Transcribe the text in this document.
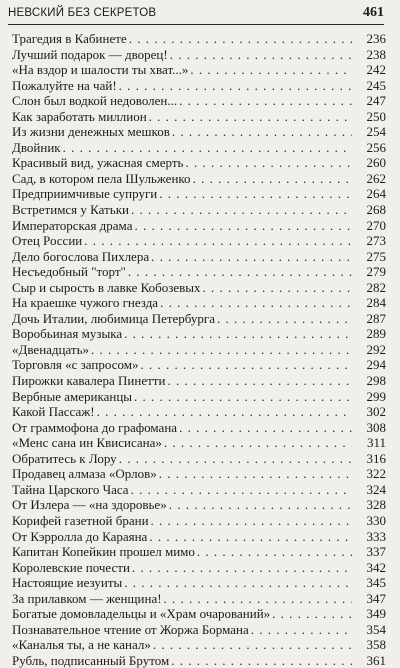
НЕВСКИЙ БЕЗ СЕКРЕТОВ	461
Трагедия в Кабинете . . .	236
Лучший подарок — дворец! . . .	238
«На вздор и шалости ты хват...» . . .	242
Пожалуйте на чай! . . .	245
Слон был водкой недоволен... . . .	247
Как заработать миллион . . .	250
Из жизни денежных мешков . . .	254
Двойник . . .	256
Красивый вид, ужасная смерть . . .	260
Сад, в котором пела Шульженко . . .	262
Предприимчивые супруги . . .	264
Встретимся у Катьки . . .	268
Императорская драма . . .	270
Отец России . . .	273
Дело богослова Пихлера . . .	275
Несъедобный "торт" . . .	279
Сыр и сырость в лавке Кобозевых . . .	282
На краешке чужого гнезда . . .	284
Дочь Италии, любимица Петербурга . . .	287
Воробьиная музыка . . .	289
«Двенадцать» . . .	292
Торговля «с запросом» . . .	294
Пирожки кавалера Пинетти . . .	298
Вербные американцы . . .	299
Какой Пассаж! . . .	302
От граммофона до графомана . . .	308
«Менс сана ин Квисисана» . . .	311
Обратитесь к Лору . . .	316
Продавец алмаза «Орлов» . . .	322
Тайна Царского Часа . . .	324
От Излера — «на здоровье» . . .	328
Корифей газетной брани . . .	330
От Кэрролла до Караяна . . .	333
Капитан Копейкин прошел мимо . . .	337
Королевские почести . . .	342
Настоящие иезуиты . . .	345
За прилавком — женщина! . . .	347
Богатые домовладельцы и «Храм очарований» . . .	349
Познавательное чтение от Жоржа Бормана . . .	354
«Каналья ты, а не канал» . . .	358
Рубль, подписанный Брутом . . .	361
